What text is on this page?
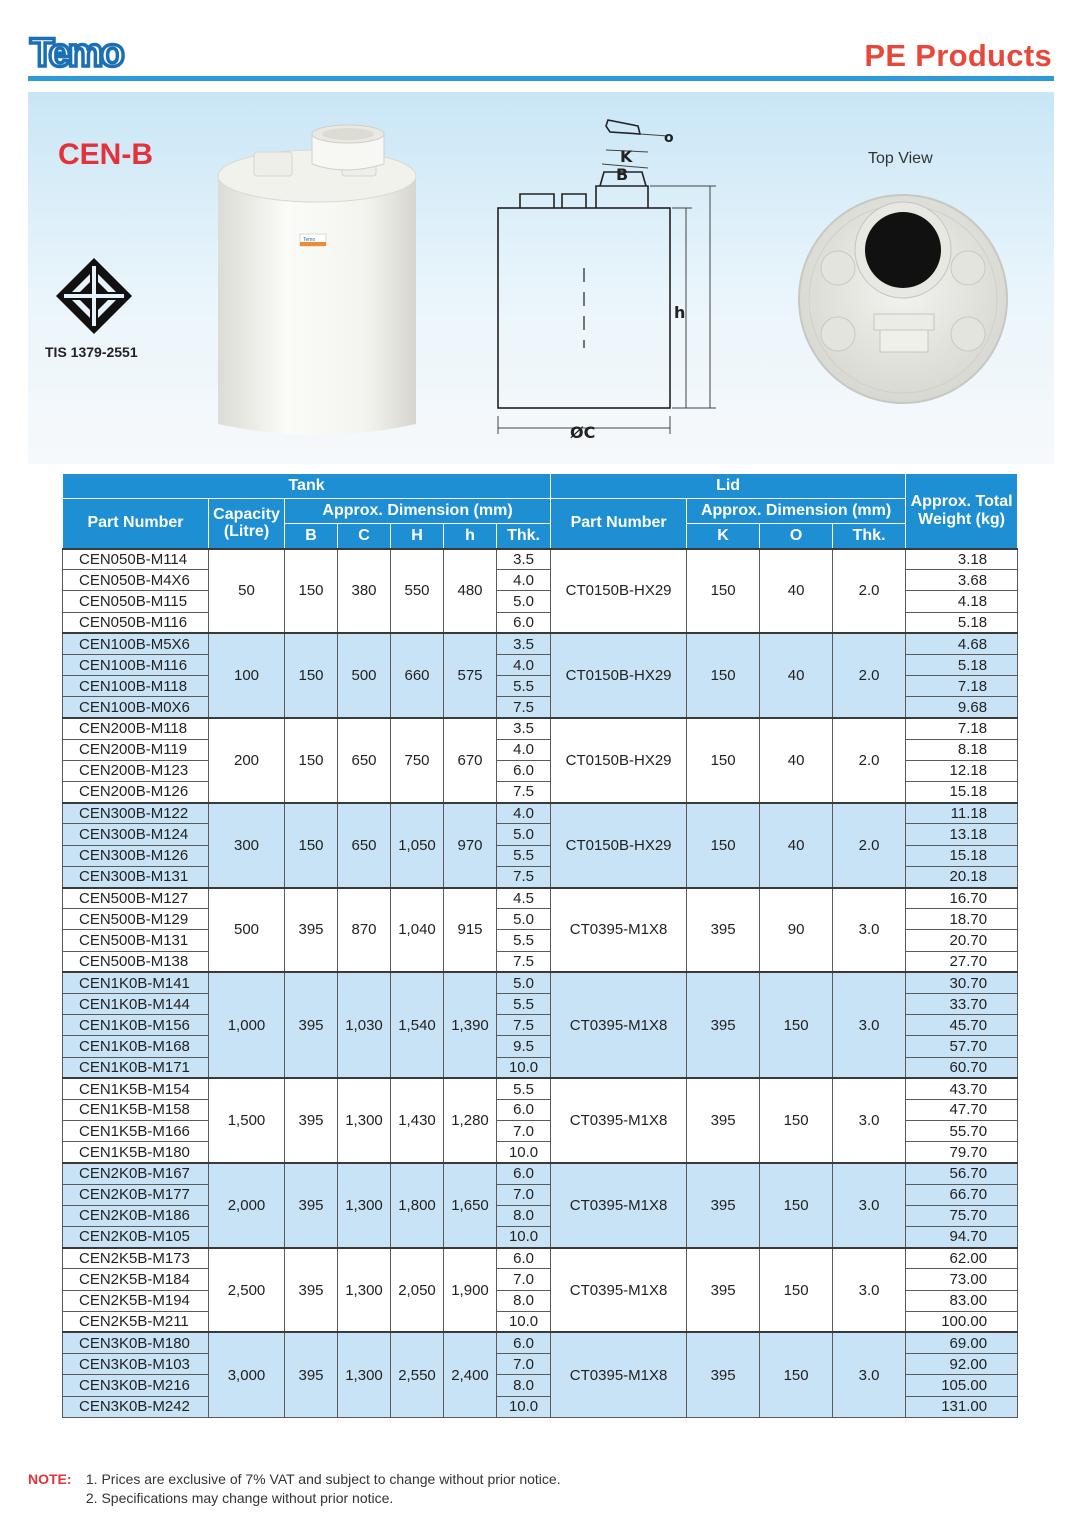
Temo	PE Products
CEN-B
TIS 1379-2551
Temo
o
K
B
h
ØC
Top View
Tank							Lid				Approx. Total Weight (kg)
Part Number	Capacity (Litre)	Approx. Dimension (mm)					Part Number	Approx. Dimension (mm)			
		B	C	H	h	Thk.		K	O	Thk.	
CEN050B-M114	50	150	380	550	480	3.5	CT0150B-HX29	150	40	2.0	3.18
CEN050B-M4X6						4.0					3.68
CEN050B-M115						5.0					4.18
CEN050B-M116						6.0					5.18
CEN100B-M5X6	100	150	500	660	575	3.5	CT0150B-HX29	150	40	2.0	4.68
CEN100B-M116						4.0					5.18
CEN100B-M118						5.5					7.18
CEN100B-M0X6						7.5					9.68
CEN200B-M118	200	150	650	750	670	3.5	CT0150B-HX29	150	40	2.0	7.18
CEN200B-M119						4.0					8.18
CEN200B-M123						6.0					12.18
CEN200B-M126						7.5					15.18
CEN300B-M122	300	150	650	1,050	970	4.0	CT0150B-HX29	150	40	2.0	11.18
CEN300B-M124						5.0					13.18
CEN300B-M126						5.5					15.18
CEN300B-M131						7.5					20.18
CEN500B-M127	500	395	870	1,040	915	4.5	CT0395-M1X8	395	90	3.0	16.70
CEN500B-M129						5.0					18.70
CEN500B-M131						5.5					20.70
CEN500B-M138						7.5					27.70
CEN1K0B-M141	1,000	395	1,030	1,540	1,390	5.0	CT0395-M1X8	395	150	3.0	30.70
CEN1K0B-M144						5.5					33.70
CEN1K0B-M156						7.5					45.70
CEN1K0B-M168						9.5					57.70
CEN1K0B-M171						10.0					60.70
CEN1K5B-M154	1,500	395	1,300	1,430	1,280	5.5	CT0395-M1X8	395	150	3.0	43.70
CEN1K5B-M158						6.0					47.70
CEN1K5B-M166						7.0					55.70
CEN1K5B-M180						10.0					79.70
CEN2K0B-M167	2,000	395	1,300	1,800	1,650	6.0	CT0395-M1X8	395	150	3.0	56.70
CEN2K0B-M177						7.0					66.70
CEN2K0B-M186						8.0					75.70
CEN2K0B-M105						10.0					94.70
CEN2K5B-M173	2,500	395	1,300	2,050	1,900	6.0	CT0395-M1X8	395	150	3.0	62.00
CEN2K5B-M184						7.0					73.00
CEN2K5B-M194						8.0					83.00
CEN2K5B-M211						10.0					100.00
CEN3K0B-M180	3,000	395	1,300	2,550	2,400	6.0	CT0395-M1X8	395	150	3.0	69.00
CEN3K0B-M103						7.0					92.00
CEN3K0B-M216						8.0					105.00
CEN3K0B-M242						10.0					131.00
NOTE: 1. Prices are exclusive of 7% VAT and subject to change without prior notice.
2. Specifications may change without prior notice.
